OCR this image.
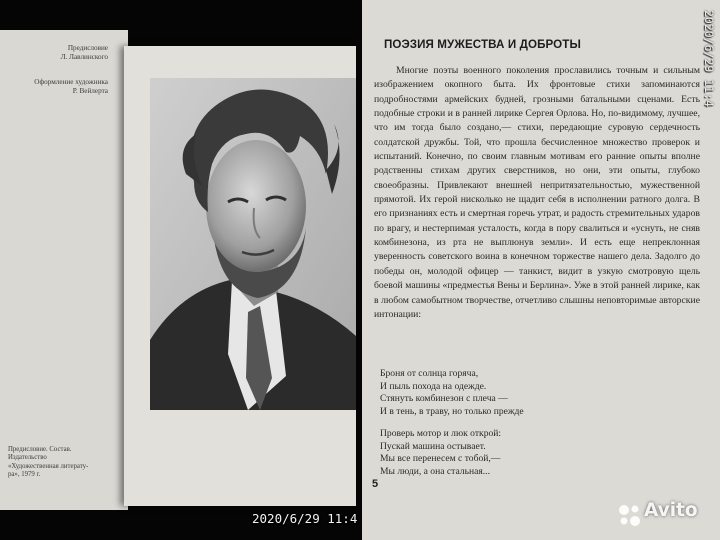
Предисловие
Л. Лавлинского
Оформление художника
Р. Вейлерта
Предисловие. Состав.
Издательство
«Художественная литерату-
ра», 1979 г.
ПОЭЗИЯ МУЖЕСТВА И ДОБРОТЫ

Многие поэты военного поколения прославились точным и сильным изображением окопного быта. Их фронтовые стихи запоминаются подробностями армейских будней, грозными батальными сценами. Есть подобные строки и в ранней лирике Сергея Орлова. Но, по-видимому, лучшее, что им тогда было создано,— стихи, передающие суровую сердечность солдатской дружбы. Той, что прошла бесчисленное множество проверок и испытаний. Конечно, по своим главным мотивам его ранние опыты вполне родственны стихам других сверстников, но они, эти опыты, глубоко своеобразны. Привлекают внешней непритязательностью, мужественной прямотой. Их герой нисколько не щадит себя в исполнении ратного долга. В его признаниях есть и смертная горечь утрат, и радость стремительных ударов по врагу, и нестерпимая усталость, когда в пору свалиться и «уснуть, не сняв комбинезона, из рта не выплюнув земли». И есть еще непреклонная уверенность советского воина в конечном торжестве нашего дела. Задолго до победы он, молодой офицер — танкист, видит в узкую смотровую щель боевой машины «предместья Вены и Берлина». Уже в этой ранней лирике, как в любом самобытном творчестве, отчетливо слышны неповторимые авторские интонации:

Броня от солнца горяча,
И пыль похода на одежде.
Стянуть комбинезон с плеча —
И в тень, в траву, но только прежде
Проверь мотор и люк открой:
Пускай машина остывает.
Мы все перенесем с тобой,—
Мы люди, а она стальная...
5
2020/6/29 11:4
2020/6/29 11:4
Avito
